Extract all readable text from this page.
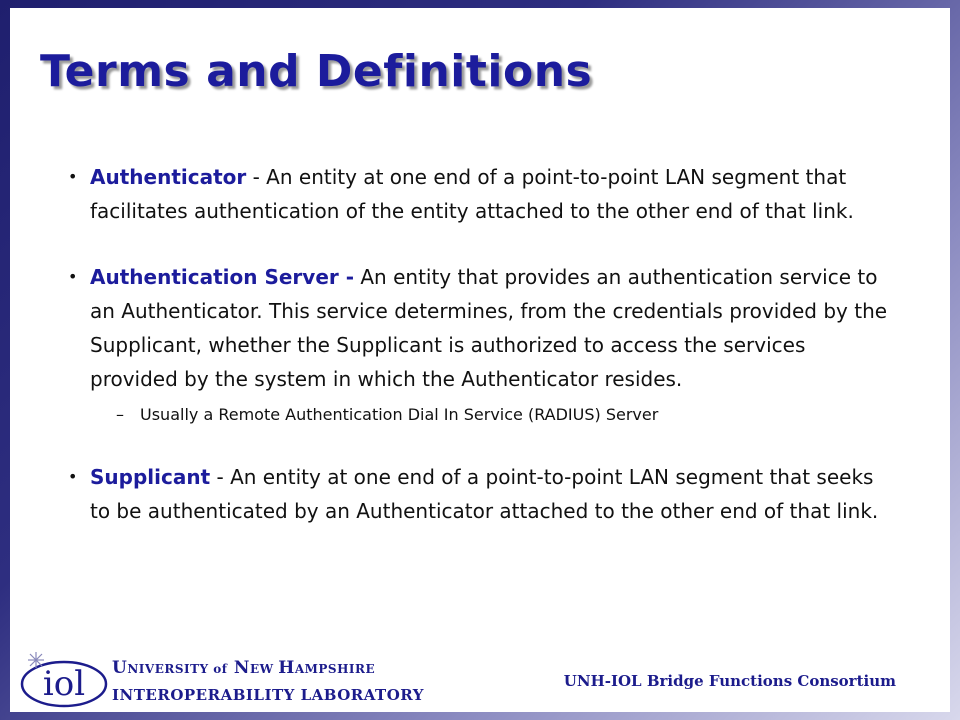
Terms and Definitions
• Authenticator - An entity at one end of a point-to-point LAN segment that facilitates authentication of the entity attached to the other end of that link.
• Authentication Server - An entity that provides an authentication service to an Authenticator. This service determines, from the credentials provided by the Supplicant, whether the Supplicant is authorized to access the services provided by the system in which the Authenticator resides.
– Usually a Remote Authentication Dial In Service (RADIUS) Server
• Supplicant - An entity at one end of a point-to-point LAN segment that seeks to be authenticated by an Authenticator attached to the other end of that link.
iol UNIVERSITY of NEW HAMPSHIRE
INTEROPERABILITY LABORATORY
UNH-IOL Bridge Functions Consortium
